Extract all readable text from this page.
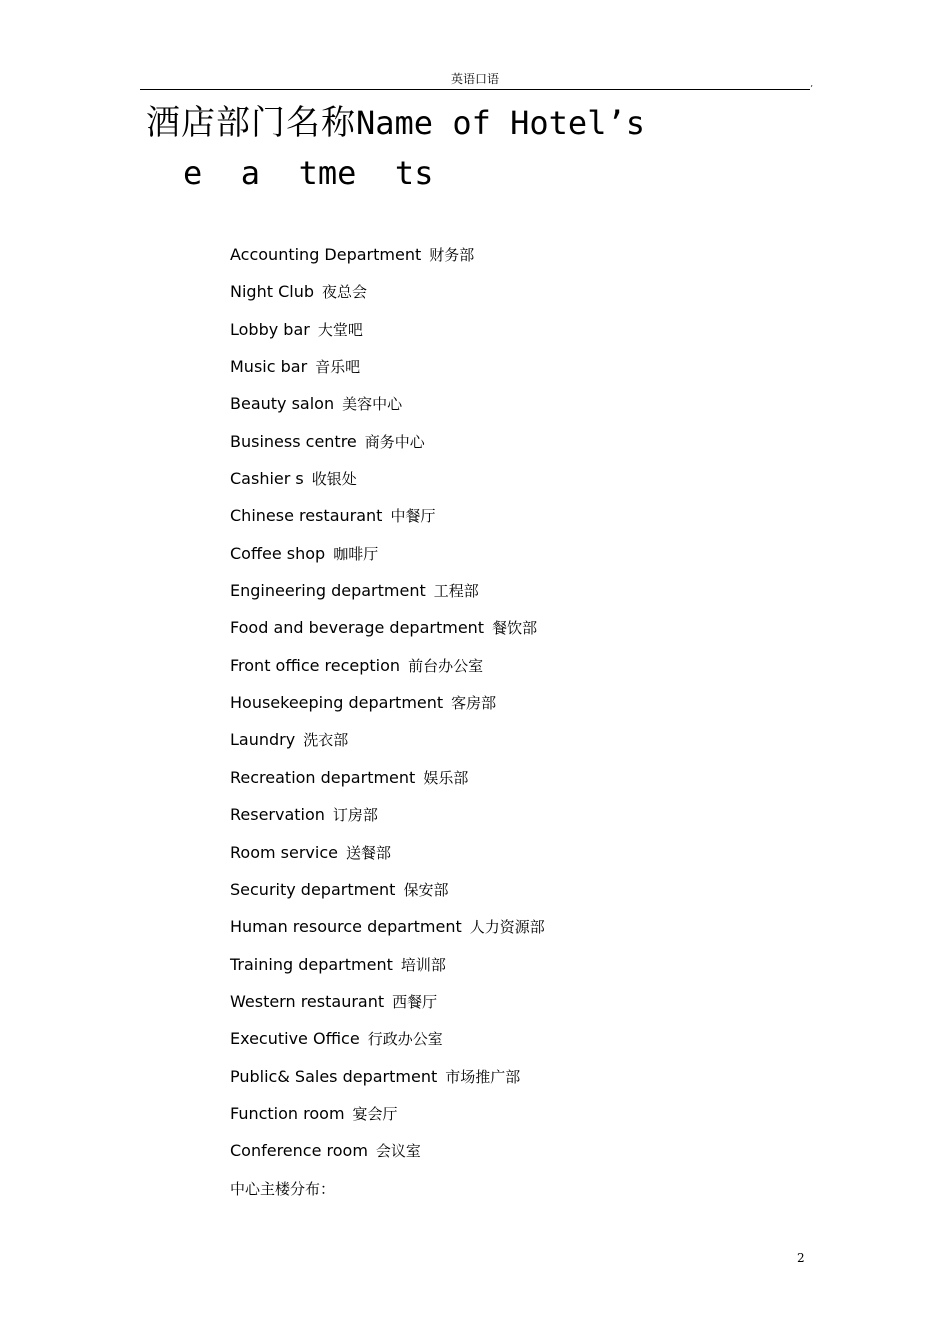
英语口语	,
酒店部门名称Name of Hotel’s
e  a  tme  ts
Accounting Department 财务部
Night Club 夜总会
Lobby bar 大堂吧
Music bar 音乐吧
Beauty salon 美容中心
Business centre 商务中心
Cashier s 收银处
Chinese restaurant 中餐厅
Coffee shop 咖啡厅
Engineering department 工程部
Food and beverage department 餐饮部
Front office reception 前台办公室
Housekeeping department 客房部
Laundry 洗衣部
Recreation department 娱乐部
Reservation 订房部
Room service 送餐部
Security department 保安部
Human resource department 人力资源部
Training department 培训部
Western restaurant 西餐厅
Executive Office 行政办公室
Public& Sales department 市场推广部
Function room 宴会厅
Conference room 会议室
中心主楼分布：
2
